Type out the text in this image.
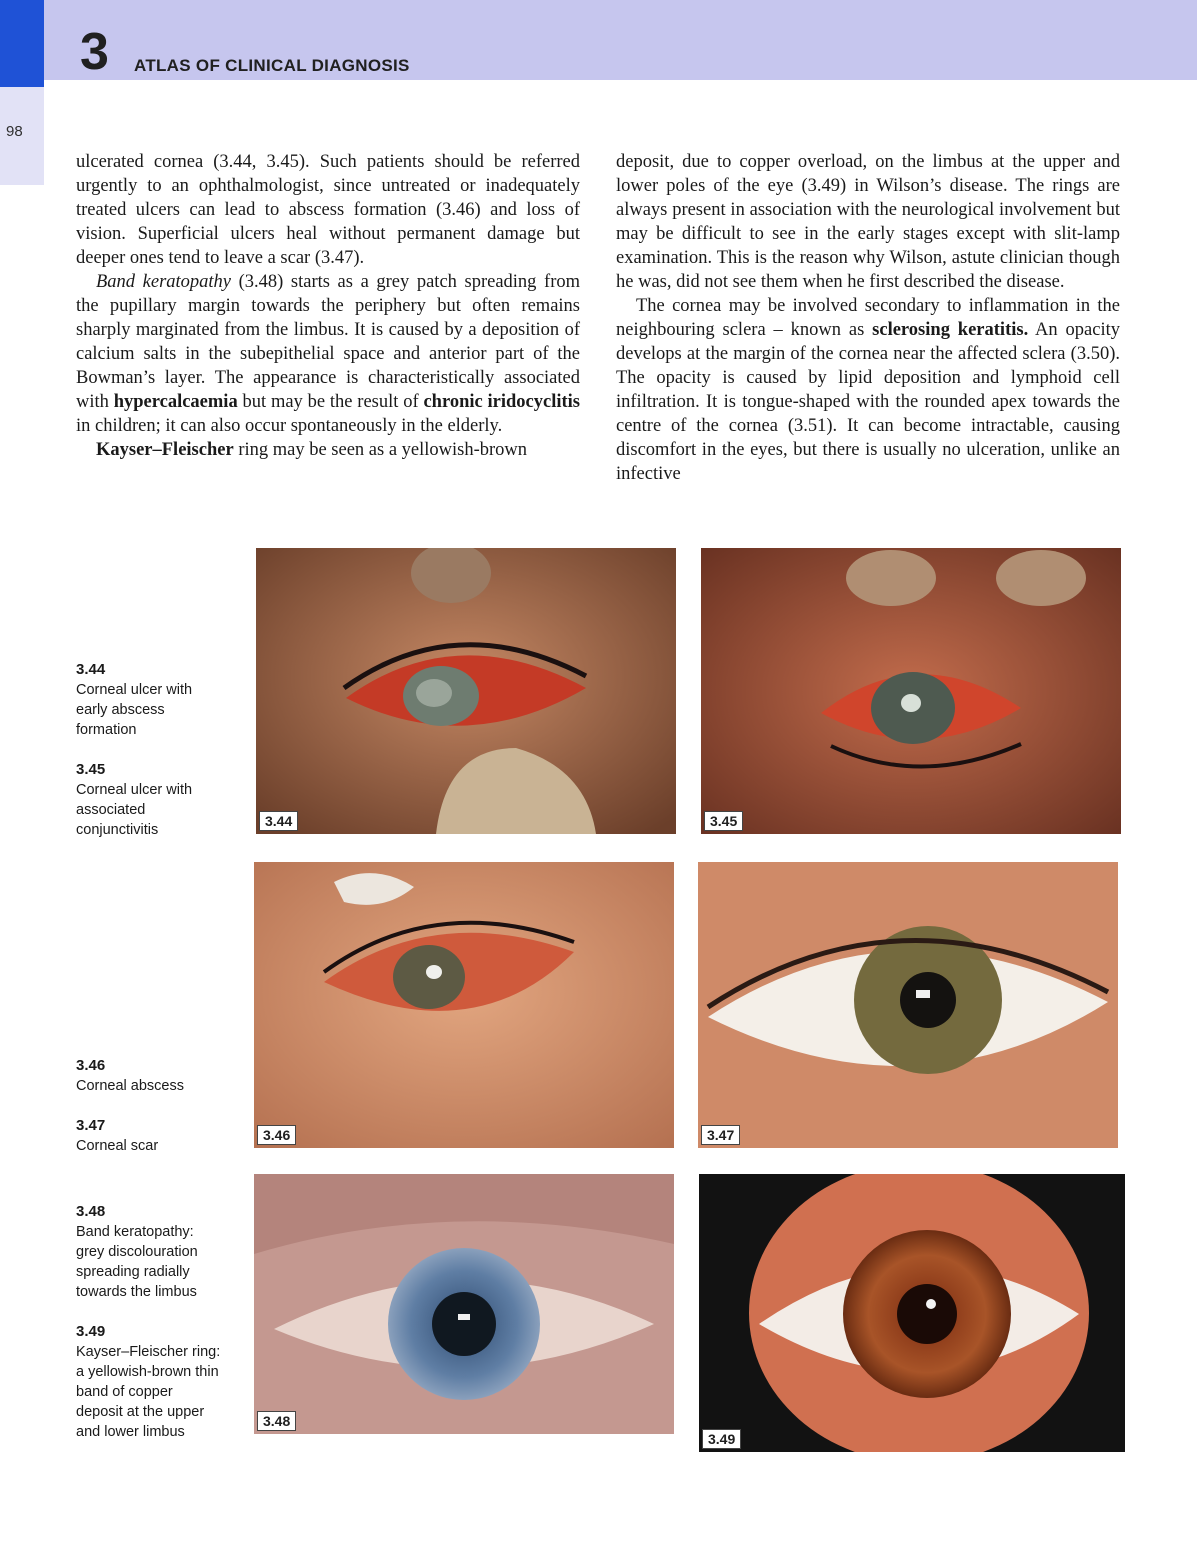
3 ATLAS OF CLINICAL DIAGNOSIS
98

ulcerated cornea (3.44, 3.45). Such patients should be referred urgently to an ophthalmologist, since untreated or inadequately treated ulcers can lead to abscess formation (3.46) and loss of vision. Superficial ulcers heal without permanent damage but deeper ones tend to leave a scar (3.47).

Band keratopathy (3.48) starts as a grey patch spreading from the pupillary margin towards the periphery but often remains sharply marginated from the limbus. It is caused by a deposition of calcium salts in the subepithelial space and anterior part of the Bowman’s layer. The appearance is characteristically associated with hypercalcaemia but may be the result of chronic iridocyclitis in children; it can also occur spontaneously in the elderly.

Kayser–Fleischer ring may be seen as a yellowish-brown

deposit, due to copper overload, on the limbus at the upper and lower poles of the eye (3.49) in Wilson’s disease. The rings are always present in association with the neurological involvement but may be difficult to see in the early stages except with slit-lamp examination. This is the reason why Wilson, astute clinician though he was, did not see them when he first described the disease.

The cornea may be involved secondary to inflammation in the neighbouring sclera – known as sclerosing keratitis. An opacity develops at the margin of the cornea near the affected sclera (3.50). The opacity is caused by lipid deposition and lymphoid cell infiltration. It is tongue-shaped with the rounded apex towards the centre of the cornea (3.51). It can become intractable, causing discomfort in the eyes, but there is usually no ulceration, unlike an infective

3.44
Corneal ulcer with early abscess formation
3.45
Corneal ulcer with associated conjunctivitis
3.46
Corneal abscess
3.47
Corneal scar
3.48
Band keratopathy: grey discolouration spreading radially towards the limbus
3.49
Kayser–Fleischer ring: a yellowish-brown thin band of copper deposit at the upper and lower limbus
3.44	3.45
3.46	3.47
3.48
3.49
